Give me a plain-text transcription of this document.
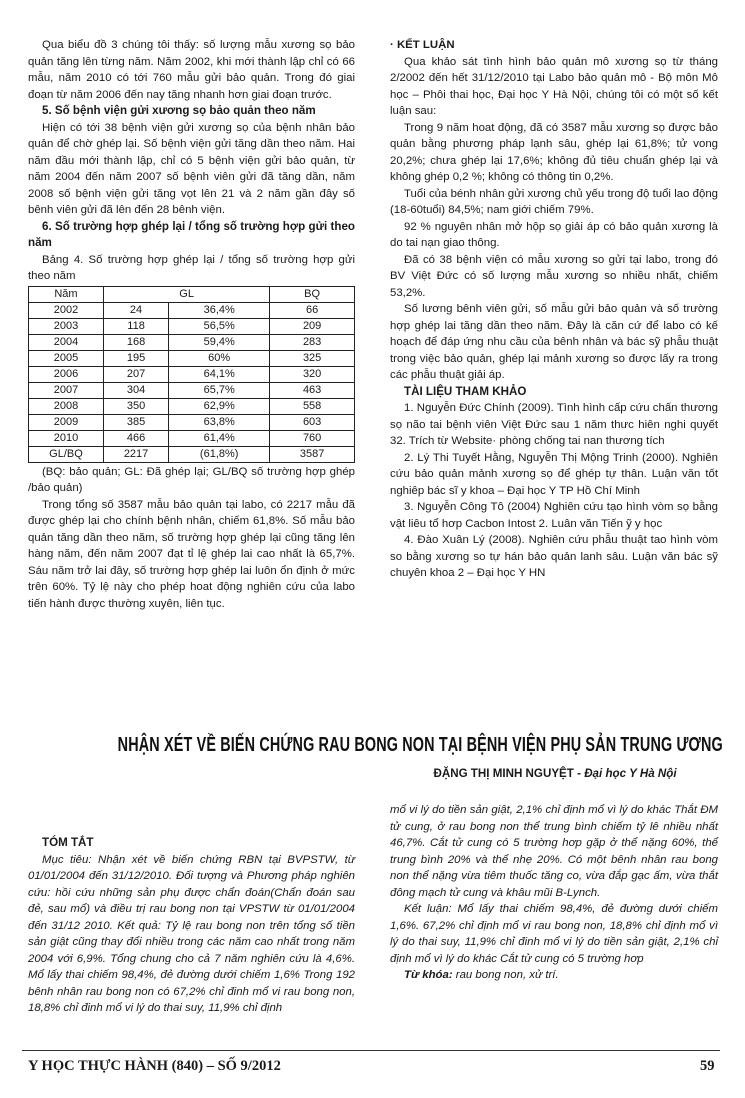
Qua biểu đồ 3 chúng tôi thấy: số lượng mẫu xương sọ bảo quản tăng lên từng năm. Năm 2002, khi mới thành lập chỉ có 66 mẫu, năm 2010 có tới 760 mẫu gửi bảo quản. Trong đó giai đoạn từ năm 2006 đến nay tăng nhanh hơn giai đoạn trước.

5. Số bệnh viện gửi xương sọ bảo quản theo năm

Hiện có tới 38 bệnh viện gửi xương sọ của bệnh nhân bảo quản để chờ ghép lại. Số bệnh viện gửi tăng dần theo năm. Hai năm đầu mới thành lập, chỉ có 5 bệnh viện gửi bảo quản, từ năm 2004 đến năm 2007 số bệnh viên gửi đã tăng dần, năm 2008 số bệnh viện gửi tăng vọt lên 21 và 2 năm gần đây số bênh viên gửi đã lên đến 28 bênh viện.

6. Số trường hợp ghép lại / tổng số trường hợp gửi theo năm

Bảng 4. Số trường hợp ghép lại / tổng số trường hợp gửi theo năm

Năm	GL		BQ
2002	24	36,4%	66
2003	118	56,5%	209
2004	168	59,4%	283
2005	195	60%	325
2006	207	64,1%	320
2007	304	65,7%	463
2008	350	62,9%	558
2009	385	63,8%	603
2010	466	61,4%	760
GL/BQ	2217	(61,8%)	3587

(BQ: bảo quản; GL: Đã ghép lại; GL/BQ số trường hợp ghép /bảo quản)

Trong tổng số 3587 mẫu bảo quản tại labo, có 2217 mẫu đã được ghép lại cho chính bệnh nhân, chiếm 61,8%. Số mẫu bảo quản tăng dần theo năm, số trường hợp ghép lại cũng tăng lên hàng năm, đến năm 2007 đạt tỉ lệ ghép lai cao nhất là 65,7%. Sáu năm trở lai đây, số trường hợp ghép lai luôn ổn định ở mức trên 60%. Tỷ lệ này cho phép hoat động nghiên cứu của labo tiến hành được thường xuyên, liên tục.

· KẾT LUẬN

Qua khảo sát tình hình bảo quản mô xương sọ từ tháng 2/2002 đến hết 31/12/2010 tại Labo bảo quản mô - Bộ môn Mô học – Phôi thai học, Đại học Y Hà Nội, chúng tôi có một số kết luận sau:

Trong 9 năm hoat động, đã có 3587 mẫu xương sọ được bảo quản bằng phương pháp lạnh sâu, ghép lại 61,8%; tử vong 20,2%; chưa ghép lại 17,6%; không đủ tiêu chuẩn ghép lại và không ghép 0,2 %; không có thông tin 0,2%.

Tuổi của bénh nhân gửi xương chủ yếu trong độ tuổi lao động (18-60tuổi) 84,5%; nam giới chiếm 79%.

92 % nguyên nhân mở hộp sọ giải áp có bảo quản xương là do tai nạn giao thông.

Đã có 38 bệnh viện có mẫu xương so gửi tại labo, trong đó BV Việt Đức có số lượng mẫu xương so nhiều nhất, chiếm 53,2%.

Số lương bênh viên gửi, số mẫu gửi bảo quản và số trường hợp ghép lai tăng dần theo năm. Đây là căn cứ để labo có kế hoạch để đáp ứng nhu cầu của bênh nhân và bác sỹ phẫu thuật trong việc bảo quản, ghép lại mảnh xương so được lấy ra trong các phẫu thuật giải áp.

TÀI LIỆU THAM KHẢO

1. Nguyễn Đức Chính (2009). Tình hình cấp cứu chấn thương sọ não tai bệnh viên Việt Đức sau 1 năm thưc hiên nghi quyết 32. Trích từ Website· phòng chống tai nan thương tích

2. Lý Thi Tuyết Hằng, Nguyễn Thị Mộng Trinh (2000). Nghiên cứu bảo quản mảnh xương sọ để ghép tự thân. Luận văn tốt nghiêp bác sĩ y khoa – Đại học Y TP Hồ Chí Minh

3. Nguyễn Công Tô (2004) Nghiên cứu tạo hình vòm sọ bằng vật liêu tổ hơp Cacbon Intost 2. Luân văn Tiến ỹ y học

4. Đào Xuân Lý (2008). Nghiên cứu phẫu thuật tao hình vòm so bằng xương so tự hán bảo quản lanh sâu. Luận văn bác sỹ chuyên khoa 2 – Đại học Y HN

NHẬN XÉT VỀ BIẾN CHỨNG RAU BONG NON TẠI BỆNH VIỆN PHỤ SẢN TRUNG ƯƠNG
ĐẶNG THỊ MINH NGUYỆT - Đại học Y Hà Nội
TÓM TẮT

Mục tiêu: Nhận xét về biến chứng RBN tại BVPSTW, từ 01/01/2004 đến 31/12/2010. Đối tượng và Phương pháp nghiên cứu: hồi cứu những sản phụ được chẩn đoán(Chẩn đoán sau đẻ, sau mổ) và điều trị rau bong non tại VPSTW từ 01/01/2004 đến 31/12 2010. Kết quả: Tỷ lệ rau bong non trên tổng số tiền sản giật cũng thay đổi nhiều trong các năm cao nhất trong năm 2004 với 6,9%. Tổng chung cho cả 7 năm nghiên cứu là 4,6%. Mổ lấy thai chiếm 98,4%, đẻ đường dưới chiếm 1,6% Trong 192 bênh nhân rau bong non có 67,2% chỉ đinh mổ vi rau bong non, 18,8% chỉ đinh mổ vi lý do thai suy, 11,9% chỉ định

mổ vi lý do tiền sản giật, 2,1% chỉ định mổ vì lý do khác Thắt ĐM tử cung, ở rau bong non thể trung bình chiếm tỷ lê nhiều nhất 46,7%. Cắt tử cung có 5 trường hơp gặp ở thể nặng 60%, thể trung bình 20% và thể nhẹ 20%. Có một bênh nhân rau bong non thể nặng vừa tiêm thuốc tăng co, vừa đắp gạc ấm, vừa thắt đông mạch tử cung và khâu mũi B-Lynch.

Kết luận: Mổ lấy thai chiếm 98,4%, đẻ đường dưới chiếm 1,6%. 67,2% chỉ định mổ vi rau bong non, 18,8% chỉ định mổ vì lý do thai suy, 11,9% chỉ đinh mổ vi lý do tiền sản giật, 2,1% chỉ định mổ vì lý do khác Cắt tử cung có 5 trường hơp

Từ khóa: rau bong non, xử trí.

Y HỌC THỰC HÀNH (840) – SỐ 9/2012	59
